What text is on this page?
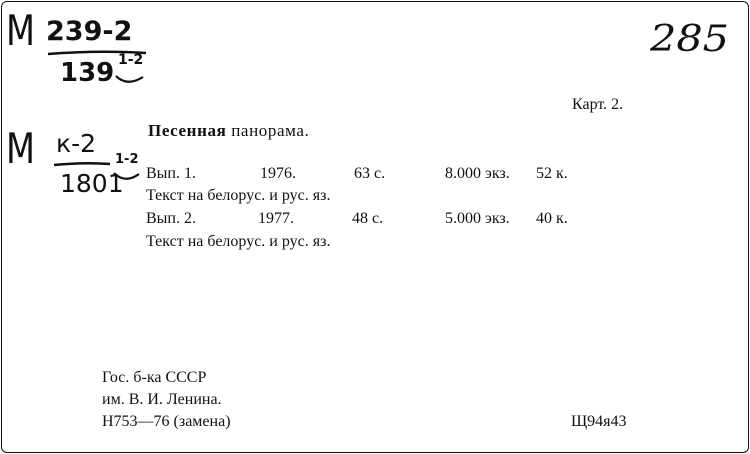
М 239-2
139 1-2
М к-2
1801
1-2
285
Карт. 2.
Песенная панорама.
Вып. 1.	1976.	63 с.	8.000 экз. 52 к.
Текст на белорус. и рус. яз.
Вып. 2.	1977.	48 с.	5.000 экз. 40 к.
Текст на белорус. и рус. яз.
Гос. б-ка СССР
им. В. И. Ленина.
Н753—76 (замена)	Щ94я43
